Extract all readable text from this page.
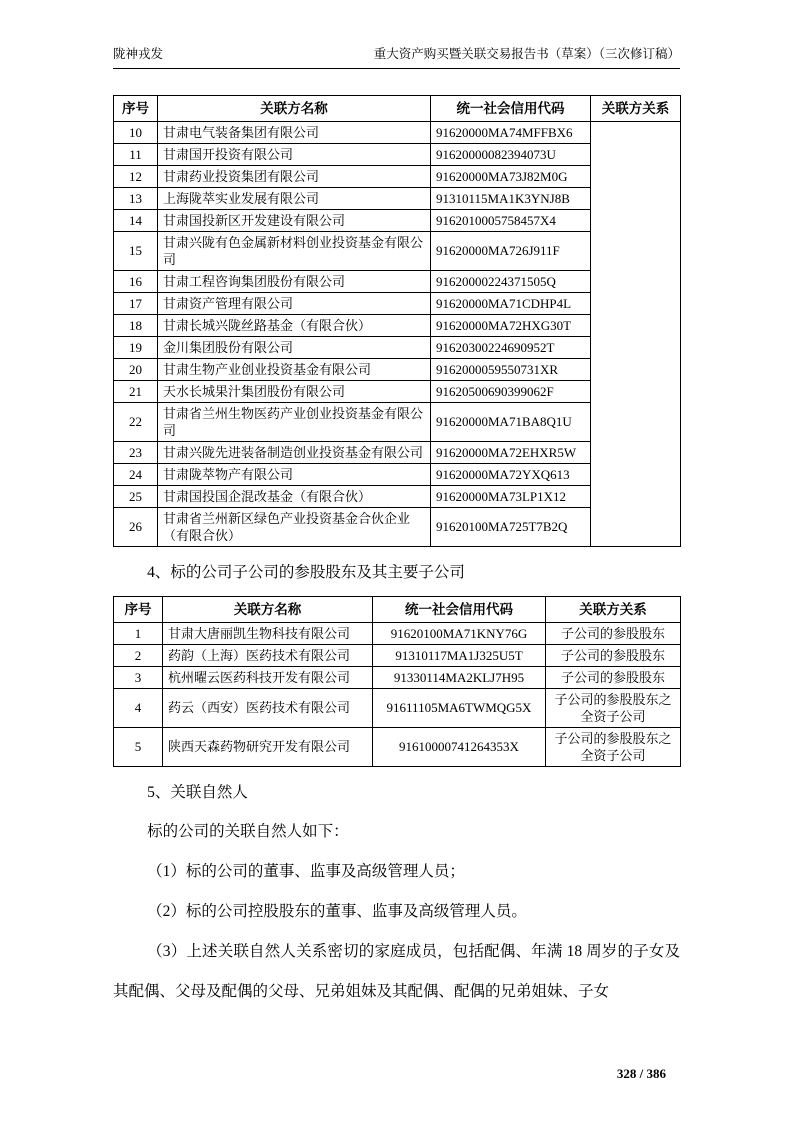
陇神戎发	重大资产购买暨关联交易报告书（草案）（三次修订稿）
序号	关联方名称	统一社会信用代码	关联方关系
10	甘肃电气装备集团有限公司	91620000MA74MFFBX6	
11	甘肃国开投资有限公司	91620000082394073U	
12	甘肃药业投资集团有限公司	91620000MA73J82M0G	
13	上海陇萃实业发展有限公司	91310115MA1K3YNJ8B	
14	甘肃国投新区开发建设有限公司	9162010005758457X4	
15	甘肃兴陇有色金属新材料创业投资基金有限公司	91620000MA726J911F	
16	甘肃工程咨询集团股份有限公司	91620000224371505Q	
17	甘肃资产管理有限公司	91620000MA71CDHP4L	
18	甘肃长城兴陇丝路基金（有限合伙）	91620000MA72HXG30T	
19	金川集团股份有限公司	91620300224690952T	
20	甘肃生物产业创业投资基金有限公司	9162000059550731XR	
21	天水长城果汁集团股份有限公司	91620500690399062F	
22	甘肃省兰州生物医药产业创业投资基金有限公司	91620000MA71BA8Q1U	
23	甘肃兴陇先进装备制造创业投资基金有限公司	91620000MA72EHXR5W	
24	甘肃陇萃物产有限公司	91620000MA72YXQ613	
25	甘肃国投国企混改基金（有限合伙）	91620000MA73LP1X12	
26	甘肃省兰州新区绿色产业投资基金合伙企业（有限合伙）	91620100MA725T7B2Q	

4、标的公司子公司的参股股东及其主要子公司

序号	关联方名称	统一社会信用代码	关联方关系
1	甘肃大唐丽凯生物科技有限公司	91620100MA71KNY76G	子公司的参股股东
2	药韵（上海）医药技术有限公司	91310117MA1J325U5T	子公司的参股股东
3	杭州曜云医药科技开发有限公司	91330114MA2KLJ7H95	子公司的参股股东
4	药云（西安）医药技术有限公司	91611105MA6TWMQG5X	子公司的参股股东之全资子公司
5	陕西天森药物研究开发有限公司	91610000741264353X	子公司的参股股东之全资子公司

5、关联自然人

标的公司的关联自然人如下：

（1）标的公司的董事、监事及高级管理人员；

（2）标的公司控股股东的董事、监事及高级管理人员。

（3）上述关联自然人关系密切的家庭成员，包括配偶、年满 18 周岁的子女及其配偶、父母及配偶的父母、兄弟姐妹及其配偶、配偶的兄弟姐妹、子女

328 / 386
